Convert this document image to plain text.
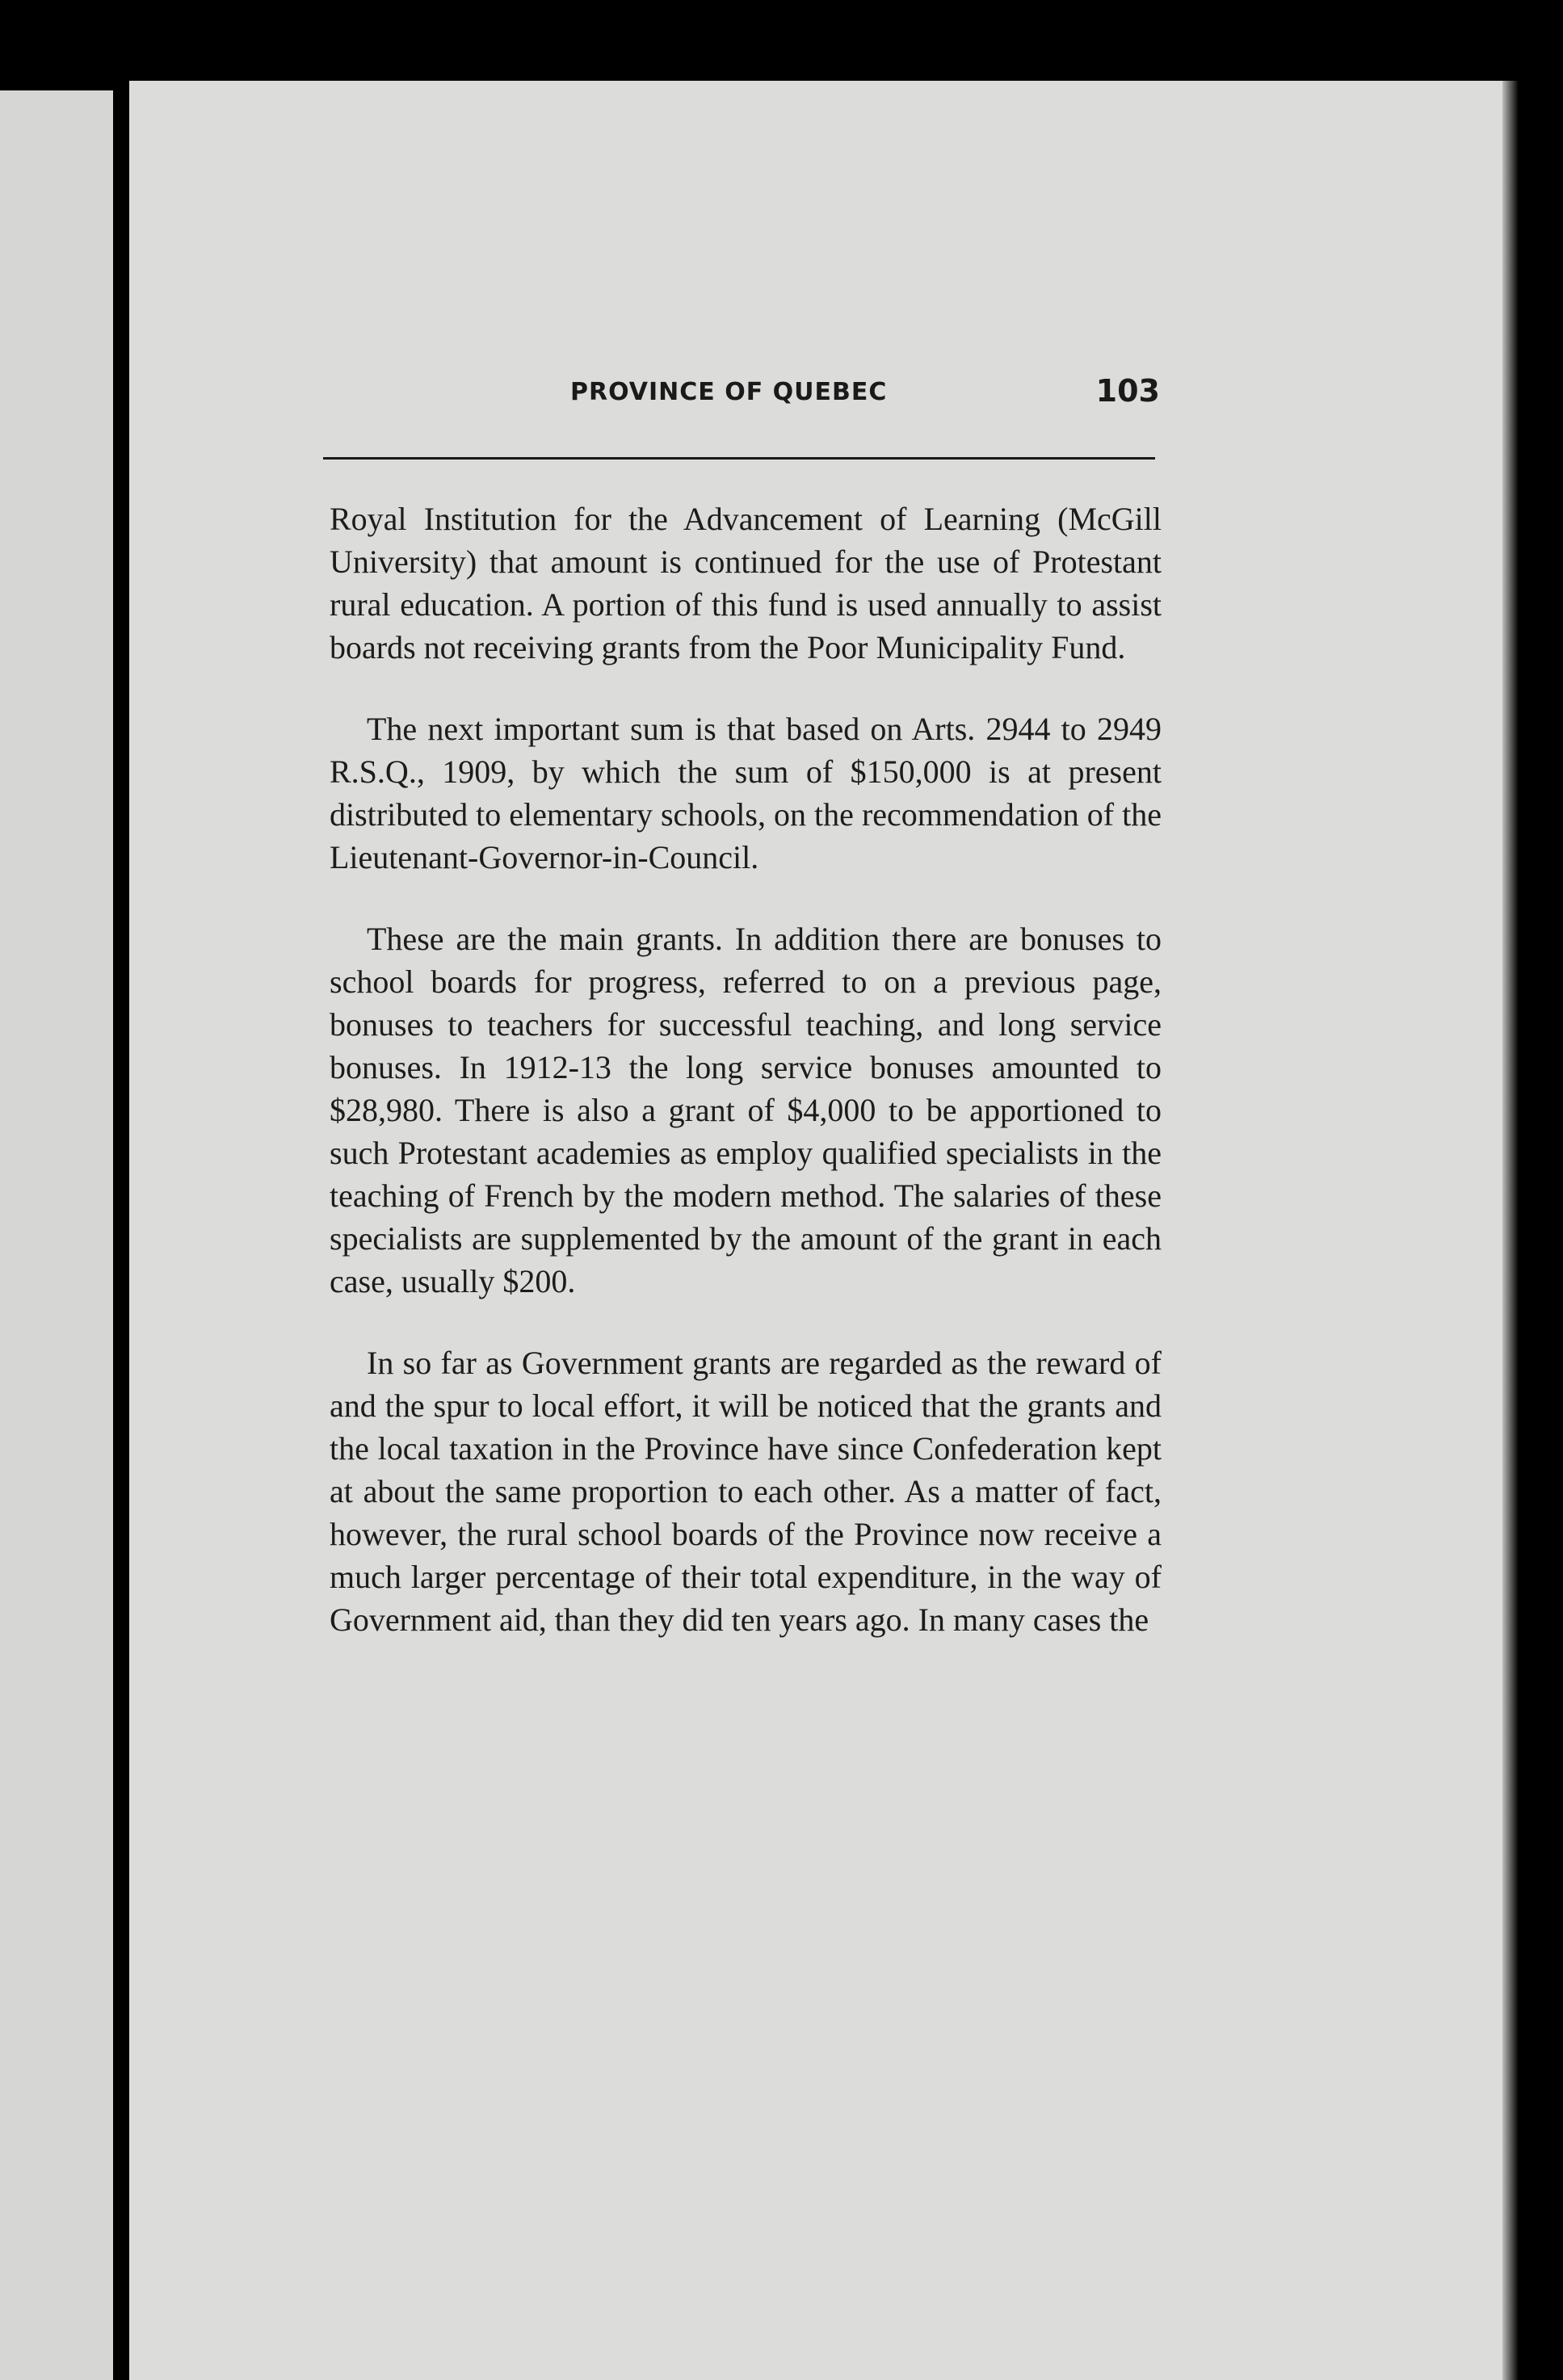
PROVINCE OF QUEBEC	103

Royal Institution for the Advancement of Learning (McGill University) that amount is continued for the use of Protestant rural education. A portion of this fund is used annually to assist boards not receiving grants from the Poor Municipality Fund.

The next important sum is that based on Arts. 2944 to 2949 R.S.Q., 1909, by which the sum of $150,000 is at present distributed to elementary schools, on the recommendation of the Lieutenant-Governor-in-Council.

These are the main grants. In addition there are bonuses to school boards for progress, referred to on a previous page, bonuses to teachers for successful teaching, and long service bonuses. In 1912-13 the long service bonuses amounted to $28,980. There is also a grant of $4,000 to be apportioned to such Protestant academies as employ qualified specialists in the teaching of French by the modern method. The salaries of these specialists are supplemented by the amount of the grant in each case, usually $200.

In so far as Government grants are regarded as the reward of and the spur to local effort, it will be noticed that the grants and the local taxation in the Province have since Confederation kept at about the same proportion to each other. As a matter of fact, however, the rural school boards of the Province now receive a much larger percentage of their total expenditure, in the way of Government aid, than they did ten years ago. In many cases the
